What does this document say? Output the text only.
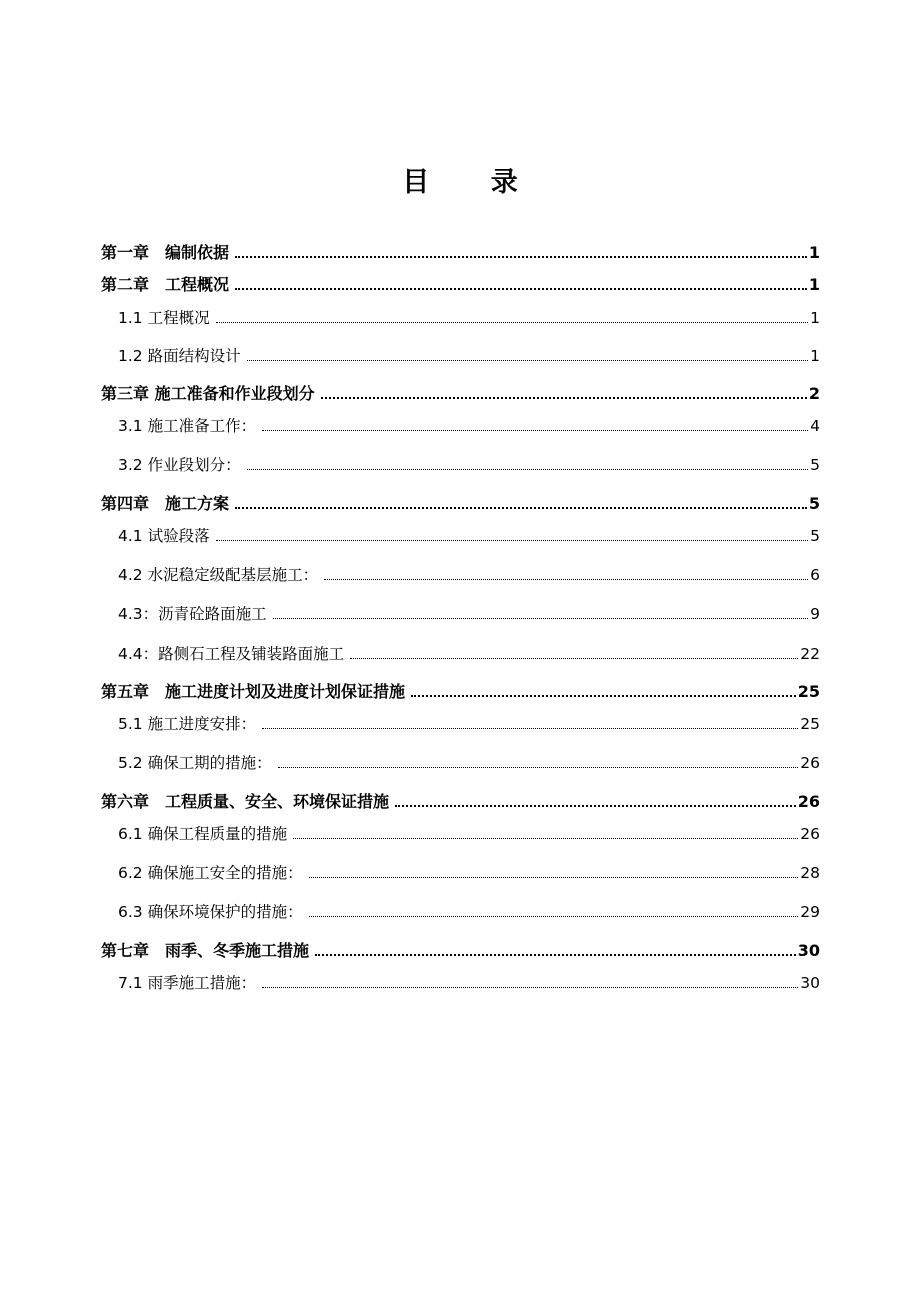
目 录
第一章　编制依据	1
第二章　工程概况	1
1.1 工程概况	1
1.2 路面结构设计	1
第三章 施工准备和作业段划分	2
3.1 施工准备工作：	4
3.2 作业段划分：	5
第四章　施工方案	5
4.1 试验段落	5
4.2 水泥稳定级配基层施工：	6
4.3：沥青砼路面施工	9
4.4：路侧石工程及铺装路面施工	22
第五章　施工进度计划及进度计划保证措施	25
5.1 施工进度安排：	25
5.2 确保工期的措施：	26
第六章　工程质量、安全、环境保证措施	26
6.1 确保工程质量的措施	26
6.2 确保施工安全的措施：	28
6.3 确保环境保护的措施：	29
第七章　雨季、冬季施工措施	30
7.1 雨季施工措施：	30
